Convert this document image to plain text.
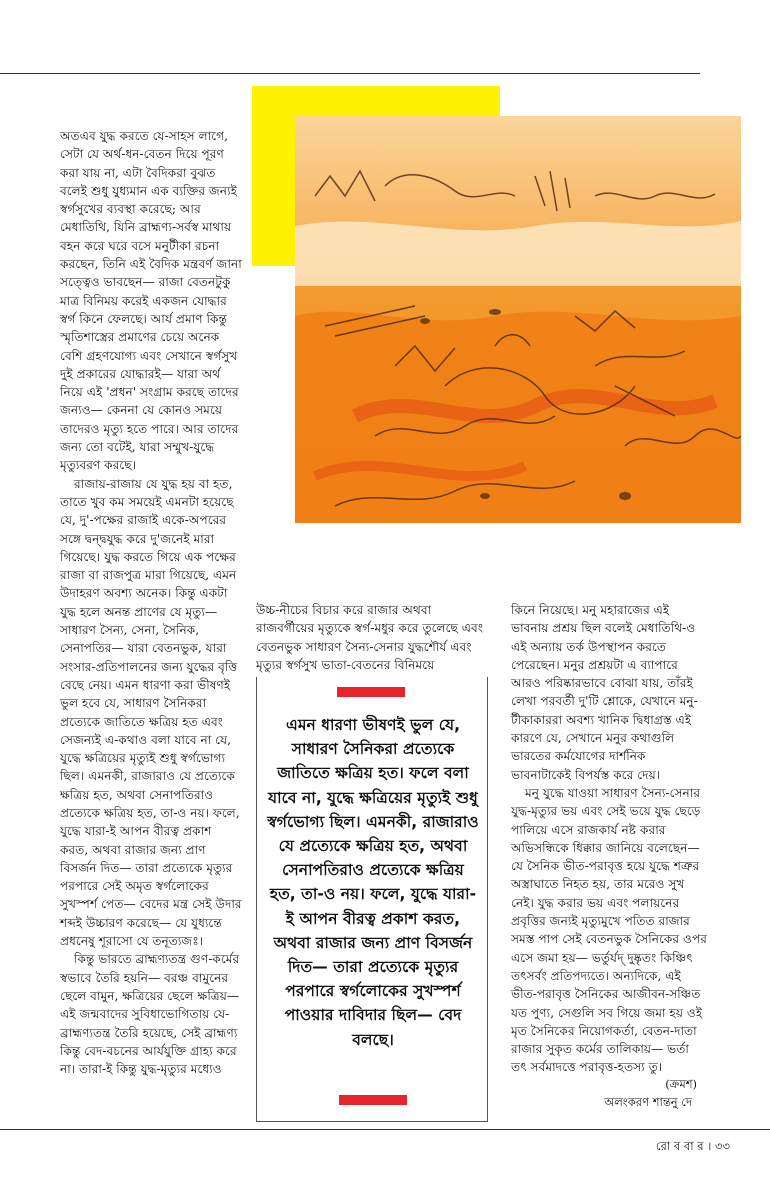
অতএব যুদ্ধ করতে যে-সাহস লাগে, সেটা যে অর্থ-ধন-বেতন দিয়ে পূরণ করা যায় না, এটা বৈদিকরা বুঝত বলেই শুধু যুধ্যমান এক ব্যক্তির জন্যই স্বর্গসুখের ব্যবস্থা করেছে; আর মেধাতিথি, যিনি ব্রাহ্মণ্য-সর্বস্ব মাথায় বহন করে ঘরে বসে মনুটীকা রচনা করছেন, তিনি এই বৈদিক মন্ত্রবর্ণ জানা সত্ত্বেও ভাবছেন— রাজা বেতনটুকু মাত্র বিনিময় করেই একজন যোদ্ধার স্বর্গ কিনে ফেলছে। আর্য প্রমাণ কিন্তু স্মৃতিশাস্ত্রের প্রমাণের চেয়ে অনেক বেশি গ্রহণযোগ্য এবং সেখানে স্বর্গসুখ দুই প্রকারের যোদ্ধারই— যারা অর্থ নিয়ে এই 'প্রধন' সংগ্রাম করছে তাদের জন্যও— কেননা যে কোনও সময়ে তাদেরও মৃত্যু হতে পারে। আর তাদের জন্য তো বটেই, যারা সম্মুখ-যুদ্ধে মৃত্যুবরণ করছে।

রাজায়-রাজায় যে যুদ্ধ হয় বা হত, তাতে খুব কম সময়েই এমনটা হয়েছে যে, দু'-পক্ষের রাজাই একে-অপরের সঙ্গে দ্বন্দ্বযুদ্ধ করে দু'জনেই মারা গিয়েছে। যুদ্ধ করতে গিয়ে এক পক্ষের রাজা বা রাজপুত্র মারা গিয়েছে, এমন উদাহরণ অবশ্য অনেক। কিন্তু একটা যুদ্ধ হলে অনন্ত প্রাণের যে মৃত্যু— সাধারণ সৈন্য, সেনা, সৈনিক, সেনাপতির— যারা বেতনভুক, যারা সংসার-প্রতিপালনের জন্য যুদ্ধের বৃত্তি বেছে নেয়। এমন ধারণা করা ভীষণই ভুল হবে যে, সাধারণ সৈনিকরা প্রত্যেকে জাতিতে ক্ষত্রিয় হত এবং সেজন্যই এ-কথাও বলা যাবে না যে, যুদ্ধে ক্ষত্রিয়ের মৃত্যুই শুধু স্বর্গভোগ্য ছিল। এমনকী, রাজারাও যে প্রত্যেকে ক্ষত্রিয় হত, অথবা সেনাপতিরাও প্রত্যেকে ক্ষত্রিয় হত, তা-ও নয়। ফলে, যুদ্ধে যারা-ই আপন বীরত্ব প্রকাশ করত, অথবা রাজার জন্য প্রাণ বিসর্জন দিত— তারা প্রত্যেকে মৃত্যুর পরপারে সেই অমৃত স্বর্গলোকের সুখস্পর্শ পেত— বেদের মন্ত্র সেই উদার শব্দই উচ্চারণ করেছে— যে যুধ্যন্তে প্রধনেষু শূরাসো যে তনূত্যজঃ।

কিন্তু ভারতে ব্রাহ্মণ্যতন্ত্র গুণ-কর্মের স্বভাবে তৈরি হয়নি— বরঞ্চ বামুনের ছেলে বামুন, ক্ষত্রিয়ের ছেলে ক্ষত্রিয়— এই জন্মবাদের সুবিধাভোগিতায় যে-ব্রাহ্মণ্যতন্ত্র তৈরি হয়েছে, সেই ব্রাহ্মণ্য কিন্তু বেদ-বচনের আর্যযুক্তি গ্রাহ্য করে না। তারা-ই কিন্তু যুদ্ধ-মৃত্যুর মধ্যেও

উচ্চ-নীচের বিচার করে রাজার অথবা রাজবর্গীয়ের মৃত্যুকে স্বর্গ-মধুর করে তুলেছে এবং বেতনভুক সাধারণ সৈন্য-সেনার যুদ্ধশৌর্য এবং মৃত্যুর স্বর্গসুখ ভাতা-বেতনের বিনিময়ে

এমন ধারণা ভীষণই ভুল যে, সাধারণ সৈনিকরা প্রত্যেকে জাতিতে ক্ষত্রিয় হত। ফলে বলা যাবে না, যুদ্ধে ক্ষত্রিয়ের মৃত্যুই শুধু স্বর্গভোগ্য ছিল। এমনকী, রাজারাও যে প্রত্যেকে ক্ষত্রিয় হত, অথবা সেনাপতিরাও প্রত্যেকে ক্ষত্রিয় হত, তা-ও নয়। ফলে, যুদ্ধে যারা-ই আপন বীরত্ব প্রকাশ করত, অথবা রাজার জন্য প্রাণ বিসর্জন দিত— তারা প্রত্যেকে মৃত্যুর পরপারে স্বর্গলোকের সুখস্পর্শ পাওয়ার দাবিদার ছিল— বেদ বলছে।

কিনে নিয়েছে। মনু মহারাজের এই ভাবনায় প্রশ্রয় ছিল বলেই মেধাতিথি-ও এই অন্যায় তর্ক উপস্থাপন করতে পেরেছেন। মনুর প্রশ্রয়টা এ ব্যাপারে আরও পরিষ্কারভাবে বোঝা যায়, তাঁরই লেখা পরবর্তী দু'টি শ্লোকে, যেখানে মনু-টীকাকাররা অবশ্য খানিক দ্বিধাগ্রস্ত এই কারণে যে, সেখানে মনুর কথাগুলি ভারতের কর্মযোগের দার্শনিক ভাবনাটাকেই বিপর্যস্ত করে দেয়।

মনু যুদ্ধে যাওয়া সাধারণ সৈন্য-সেনার যুদ্ধ-মৃত্যুর ভয় এবং সেই ভয়ে যুদ্ধ ছেড়ে পালিয়ে এসে রাজকার্য নষ্ট করার অভিসন্ধিকে ধিক্কার জানিয়ে বলেছেন— যে সৈনিক ভীত-পরাবৃত্ত হয়ে যুদ্ধে শত্রুর অস্ত্রাঘাতে নিহত হয়, তার মরেও সুখ নেই। যুদ্ধ করার ভয় এবং পলায়নের প্রবৃত্তির জন্যই মৃত্যুমুখে পতিত রাজার সমস্ত পাপ সেই বেতনভুক সৈনিকের ওপর এসে জমা হয়— ভর্তুর্যদ্ দুষ্কৃতং কিঞ্চিৎ তৎসর্বং প্রতিপদ্যতে। অন্যদিকে, এই ভীত-পরাবৃত্ত সৈনিকের আজীবন-সঞ্চিত যত পুণ্য, সেগুলি সব গিয়ে জমা হয় ওই মৃত সৈনিকের নিয়োগকর্তা, বেতন-দাতা রাজার সুকৃত কর্মের তালিকায়— ভর্তা তৎ সর্বমাদত্তে পরাবৃত্ত-হতস্য তু।

(ক্রমশ)
অলংকরণ শান্তনু দে
রো ব বা র । ৩৩
